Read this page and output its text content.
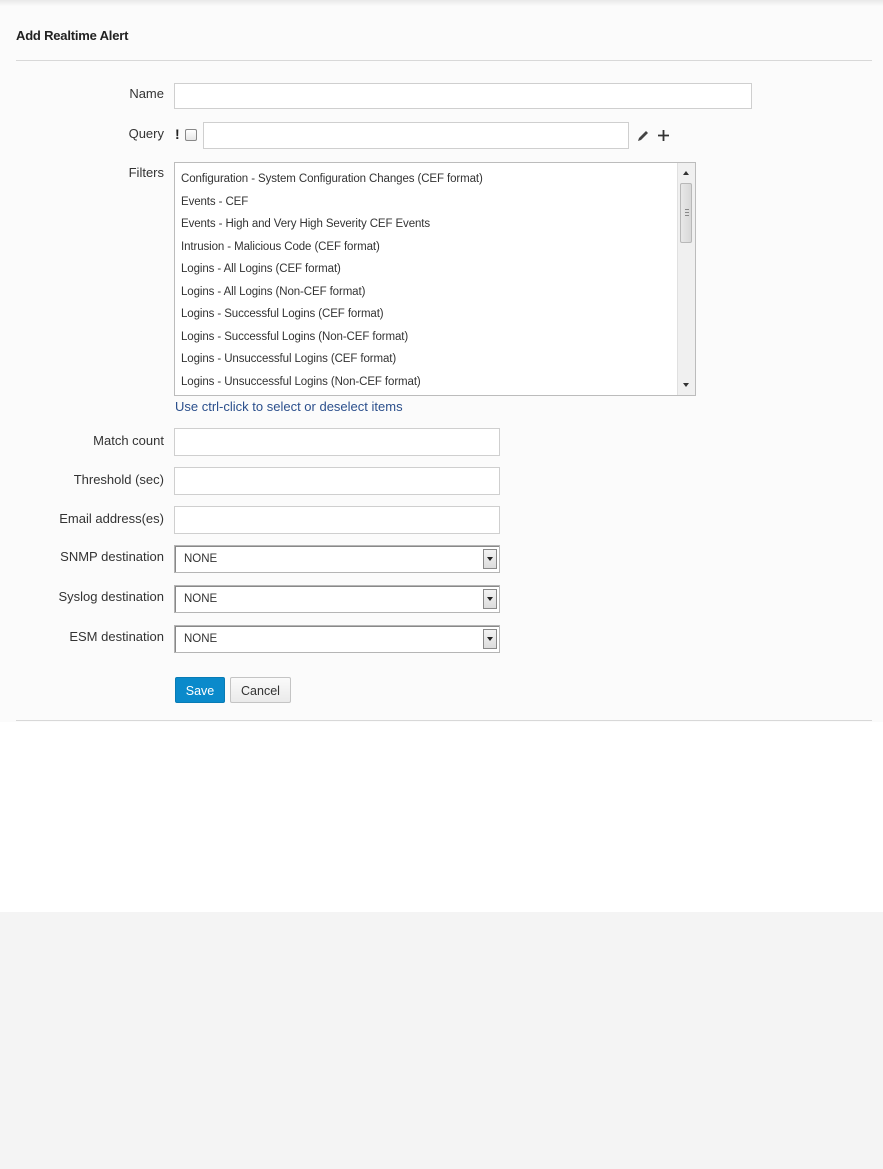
Add Realtime Alert
Name
Query !
Filters Configuration - System Configuration Changes (CEF format)
Events - CEF
Events - High and Very High Severity CEF Events
Intrusion - Malicious Code (CEF format)
Logins - All Logins (CEF format)
Logins - All Logins (Non-CEF format)
Logins - Successful Logins (CEF format)
Logins - Successful Logins (Non-CEF format)
Logins - Unsuccessful Logins (CEF format)
Logins - Unsuccessful Logins (Non-CEF format)
Use ctrl-click to select or deselect items
Match count
Threshold (sec)
Email address(es)
SNMP destination NONE
Syslog destination NONE
ESM destination NONE
Save	Cancel
